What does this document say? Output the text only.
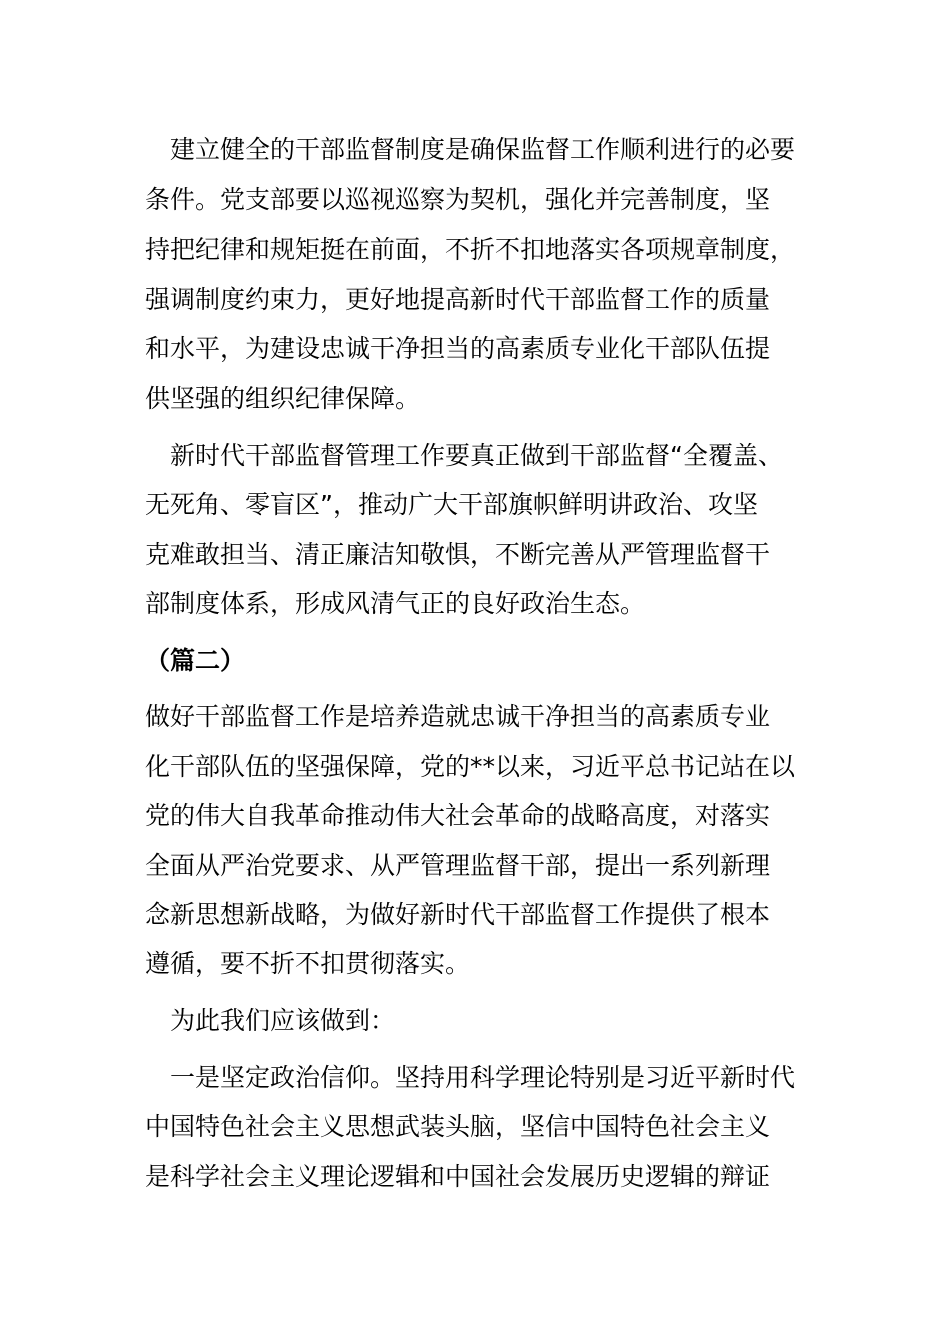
　建立健全的干部监督制度是确保监督工作顺利进行的必要

条件。党支部要以巡视巡察为契机，强化并完善制度，坚

持把纪律和规矩挺在前面，不折不扣地落实各项规章制度，

强调制度约束力，更好地提高新时代干部监督工作的质量

和水平，为建设忠诚干净担当的高素质专业化干部队伍提

供坚强的组织纪律保障。

　新时代干部监督管理工作要真正做到干部监督“全覆盖、

无死角、零盲区”，推动广大干部旗帜鲜明讲政治、攻坚

克难敢担当、清正廉洁知敬惧，不断完善从严管理监督干

部制度体系，形成风清气正的良好政治生态。

（篇二）

做好干部监督工作是培养造就忠诚干净担当的高素质专业

化干部队伍的坚强保障，党的**以来，习近平总书记站在以

党的伟大自我革命推动伟大社会革命的战略高度，对落实

全面从严治党要求、从严管理监督干部，提出一系列新理

念新思想新战略，为做好新时代干部监督工作提供了根本

遵循，要不折不扣贯彻落实。

　为此我们应该做到：

　一是坚定政治信仰。坚持用科学理论特别是习近平新时代

中国特色社会主义思想武装头脑，坚信中国特色社会主义

是科学社会主义理论逻辑和中国社会发展历史逻辑的辩证
